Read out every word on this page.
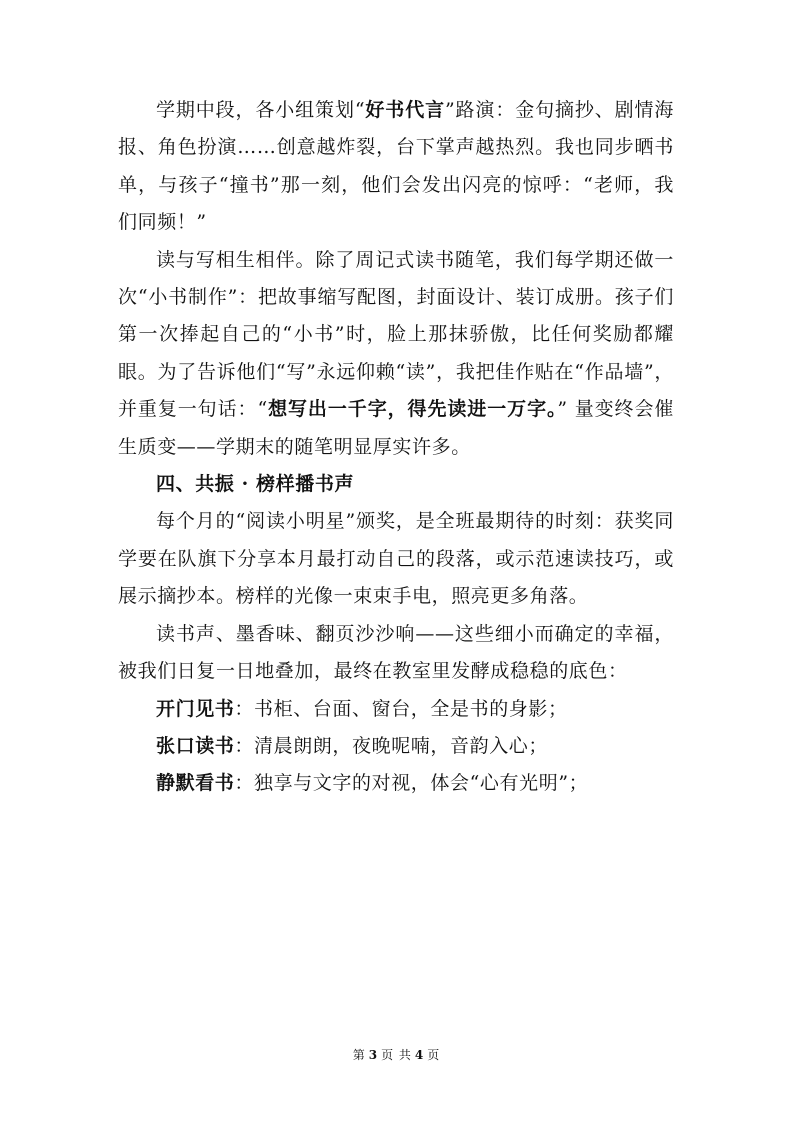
学期中段，各小组策划“好书代言”路演：金句摘抄、剧情海报、角色扮演……创意越炸裂，台下掌声越热烈。我也同步晒书单，与孩子“撞书”那一刻，他们会发出闪亮的惊呼：“老师，我们同频！”

读与写相生相伴。除了周记式读书随笔，我们每学期还做一次“小书制作”：把故事缩写配图，封面设计、装订成册。孩子们第一次捧起自己的“小书”时，脸上那抹骄傲，比任何奖励都耀眼。为了告诉他们“写”永远仰赖“读”，我把佳作贴在“作品墙”，并重复一句话：“想写出一千字，得先读进一万字。” 量变终会催生质变——学期末的随笔明显厚实许多。

四、共振 · 榜样播书声

每个月的“阅读小明星”颁奖，是全班最期待的时刻：获奖同学要在队旗下分享本月最打动自己的段落，或示范速读技巧，或展示摘抄本。榜样的光像一束束手电，照亮更多角落。

读书声、墨香味、翻页沙沙响——这些细小而确定的幸福，被我们日复一日地叠加，最终在教室里发酵成稳稳的底色：

开门见书：书柜、台面、窗台，全是书的身影；

张口读书：清晨朗朗，夜晚呢喃，音韵入心；

静默看书：独享与文字的对视，体会“心有光明”；

第 3 页 共 4 页
